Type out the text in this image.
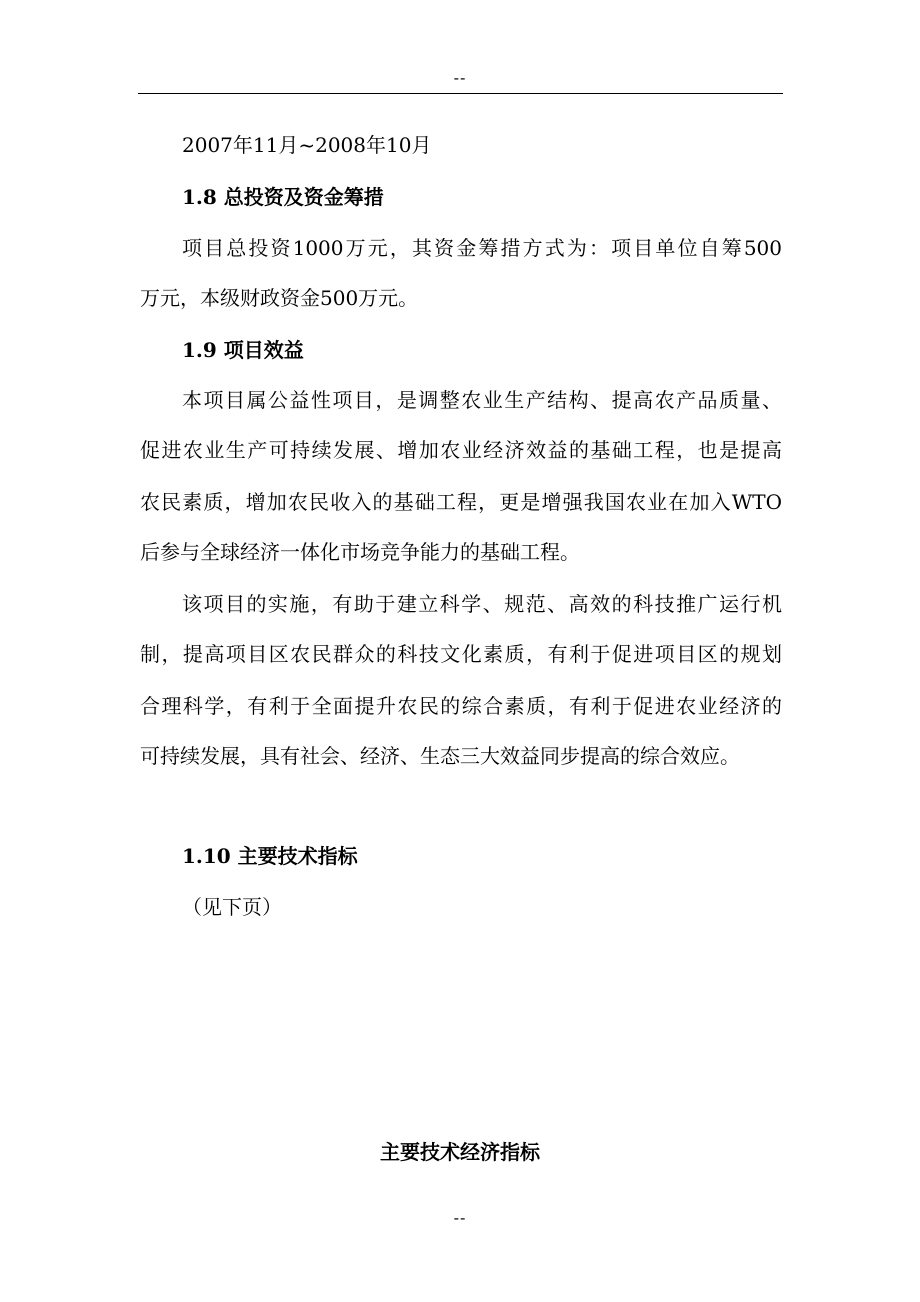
--
2007年11月~2008年10月
1.8 总投资及资金筹措
项目总投资1000万元，其资金筹措方式为：项目单位自筹500
万元，本级财政资金500万元。
1.9 项目效益
本项目属公益性项目，是调整农业生产结构、提高农产品质量、
促进农业生产可持续发展、增加农业经济效益的基础工程，也是提高
农民素质，增加农民收入的基础工程，更是增强我国农业在加入WTO
后参与全球经济一体化市场竞争能力的基础工程。
该项目的实施，有助于建立科学、规范、高效的科技推广运行机
制，提高项目区农民群众的科技文化素质，有利于促进项目区的规划
合理科学，有利于全面提升农民的综合素质，有利于促进农业经济的
可持续发展，具有社会、经济、生态三大效益同步提高的综合效应。
1.10 主要技术指标
（见下页）
主要技术经济指标
--
